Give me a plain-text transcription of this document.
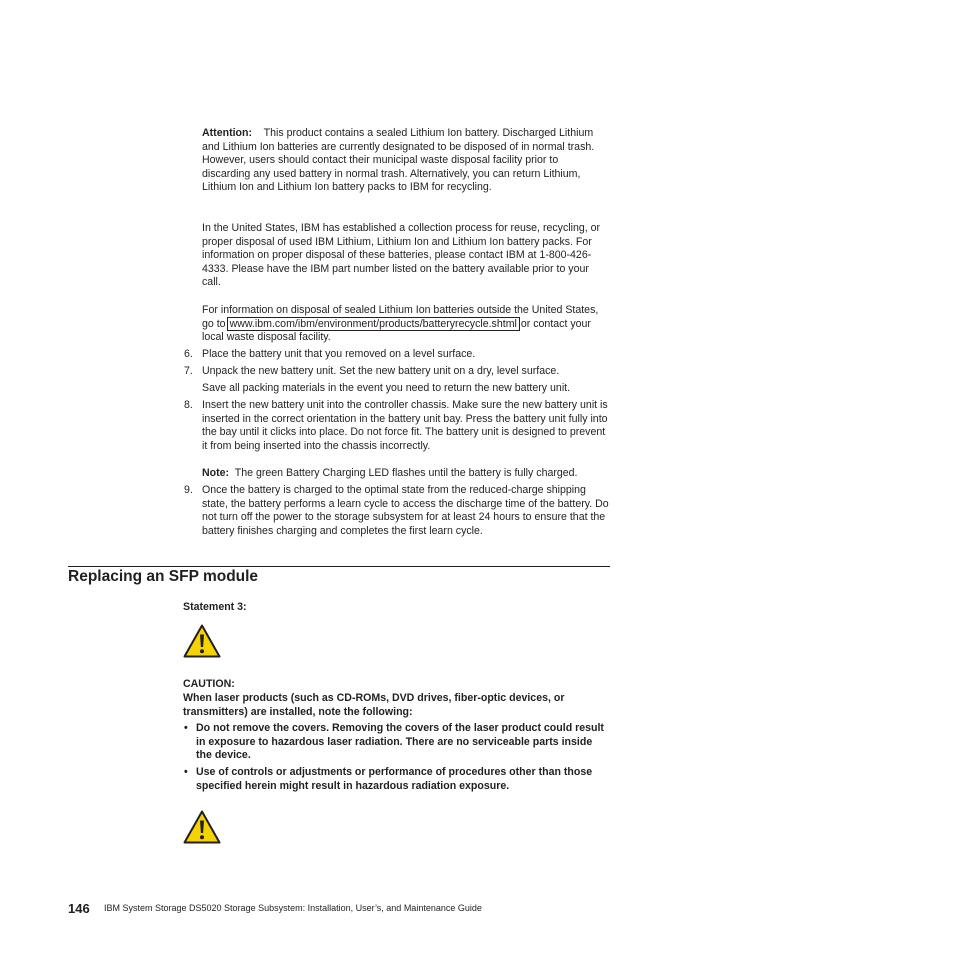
Attention: This product contains a sealed Lithium Ion battery. Discharged Lithium and Lithium Ion batteries are currently designated to be disposed of in normal trash. However, users should contact their municipal waste disposal facility prior to discarding any used battery in normal trash. Alternatively, you can return Lithium, Lithium Ion and Lithium Ion battery packs to IBM for recycling.

In the United States, IBM has established a collection process for reuse, recycling, or proper disposal of used IBM Lithium, Lithium Ion and Lithium Ion battery packs. For information on proper disposal of these batteries, please contact IBM at 1-800-426-4333. Please have the IBM part number listed on the battery available prior to your call.

For information on disposal of sealed Lithium Ion batteries outside the United States, go to www.ibm.com/ibm/environment/products/batteryrecycle.shtml or contact your local waste disposal facility.

6. Place the battery unit that you removed on a level surface.

7. Unpack the new battery unit. Set the new battery unit on a dry, level surface.

Save all packing materials in the event you need to return the new battery unit.

8. Insert the new battery unit into the controller chassis. Make sure the new battery unit is inserted in the correct orientation in the battery unit bay. Press the battery unit fully into the bay until it clicks into place. Do not force fit. The battery unit is designed to prevent it from being inserted into the chassis incorrectly.

Note: The green Battery Charging LED flashes until the battery is fully charged.

9. Once the battery is charged to the optimal state from the reduced-charge shipping state, the battery performs a learn cycle to access the discharge time of the battery. Do not turn off the power to the storage subsystem for at least 24 hours to ensure that the battery finishes charging and completes the first learn cycle.

Replacing an SFP module

Statement 3:

CAUTION:

When laser products (such as CD-ROMs, DVD drives, fiber-optic devices, or transmitters) are installed, note the following:

• Do not remove the covers. Removing the covers of the laser product could result in exposure to hazardous laser radiation. There are no serviceable parts inside the device.

• Use of controls or adjustments or performance of procedures other than those specified herein might result in hazardous radiation exposure.

146 IBM System Storage DS5020 Storage Subsystem: Installation, User’s, and Maintenance Guide
